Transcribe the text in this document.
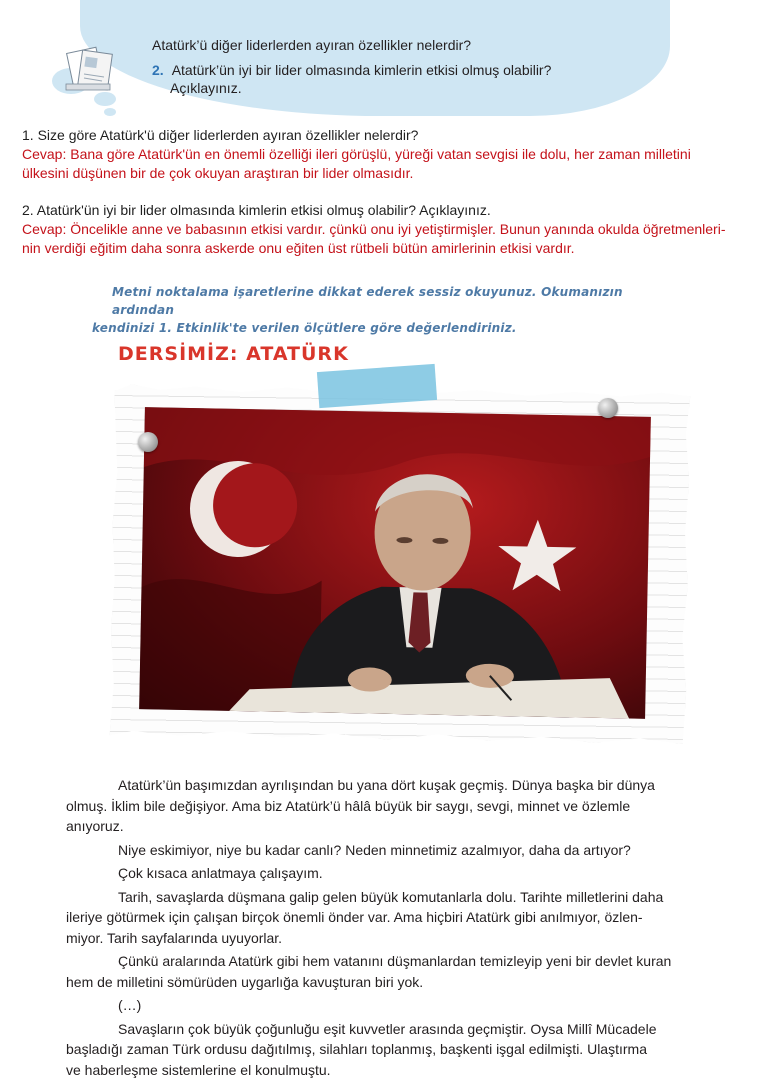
Atatürk’ü diğer liderlerden ayıran özellikler nelerdir?
2. Atatürk’ün iyi bir lider olmasında kimlerin etkisi olmuş olabilir?
Açıklayınız.
1. Size göre Atatürk'ü diğer liderlerden ayıran özellikler nelerdir?
Cevap: Bana göre Atatürk'ün en önemli özelliği ileri görüşlü, yüreği vatan sevgisi ile dolu, her zaman milletini
ülkesini düşünen bir de çok okuyan araştıran bir lider olmasıdır.
2. Atatürk'ün iyi bir lider olmasında kimlerin etkisi olmuş olabilir? Açıklayınız.
Cevap: Öncelikle anne ve babasının etkisi vardır. çünkü onu iyi yetiştirmişler. Bunun yanında okulda öğretmenleri-
nin verdiği eğitim daha sonra askerde onu eğiten üst rütbeli bütün amirlerinin etkisi vardır.
Metni noktalama işaretlerine dikkat ederek sessiz okuyunuz. Okumanızın ardından
kendinizi 1. Etkinlik'te verilen ölçütlere göre değerlendiriniz.
DERSİMİZ: ATATÜRK

Atatürk’ün başımızdan ayrılışından bu yana dört kuşak geçmiş. Dünya başka bir dünya
olmuş. İklim bile değişiyor. Ama biz Atatürk’ü hâlâ büyük bir saygı, sevgi, minnet ve özlemle
anıyoruz.

Niye eskimiyor, niye bu kadar canlı? Neden minnetimiz azalmıyor, daha da artıyor?

Çok kısaca anlatmaya çalışayım.

Tarih, savaşlarda düşmana galip gelen büyük komutanlarla dolu. Tarihte milletlerini daha
ileriye götürmek için çalışan birçok önemli önder var. Ama hiçbiri Atatürk gibi anılmıyor, özlen-
miyor. Tarih sayfalarında uyuyorlar.

Çünkü aralarında Atatürk gibi hem vatanını düşmanlardan temizleyip yeni bir devlet kuran
hem de milletini sömürüden uygarlığa kavuşturan biri yok.

(…)

Savaşların çok büyük çoğunluğu eşit kuvvetler arasında geçmiştir. Oysa Millî Mücadele
başladığı zaman Türk ordusu dağıtılmış, silahları toplanmış, başkenti işgal edilmişti. Ulaştırma
ve haberleşme sistemlerine el konulmuştu.
